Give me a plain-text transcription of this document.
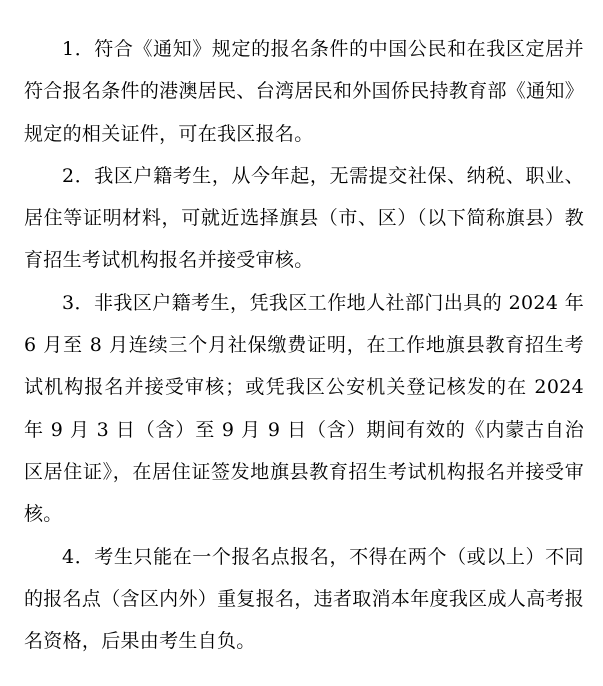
1．符合《通知》规定的报名条件的中国公民和在我区定居并符合报名条件的港澳居民、台湾居民和外国侨民持教育部《通知》规定的相关证件，可在我区报名。

2．我区户籍考生，从今年起，无需提交社保、纳税、职业、居住等证明材料，可就近选择旗县（市、区）（以下简称旗县）教育招生考试机构报名并接受审核。

3．非我区户籍考生，凭我区工作地人社部门出具的 2024 年 6 月至 8 月连续三个月社保缴费证明，在工作地旗县教育招生考试机构报名并接受审核；或凭我区公安机关登记核发的在 2024 年 9 月 3 日（含）至 9 月 9 日（含）期间有效的《内蒙古自治区居住证》，在居住证签发地旗县教育招生考试机构报名并接受审核。

4．考生只能在一个报名点报名，不得在两个（或以上）不同的报名点（含区内外）重复报名，违者取消本年度我区成人高考报名资格，后果由考生自负。
